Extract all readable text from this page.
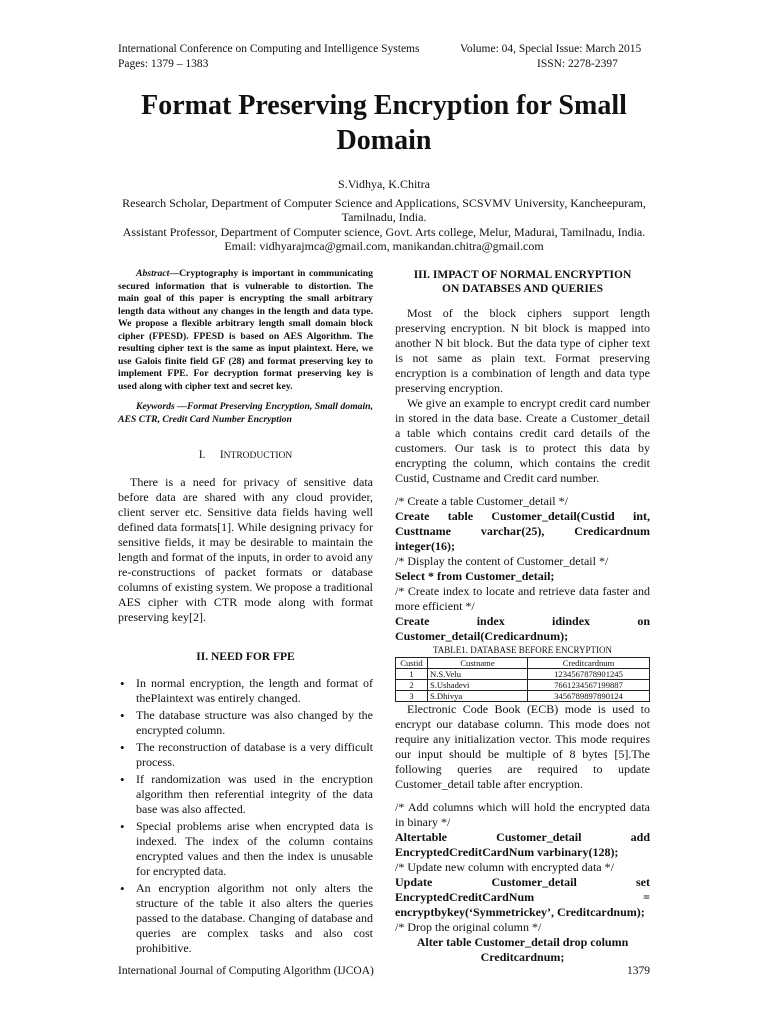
International Conference on Computing and Intelligence Systems
Pages: 1379 – 1383
Volume: 04, Special Issue: March 2015
ISSN: 2278-2397
Format Preserving Encryption for Small
Domain
S.Vidhya, K.Chitra
Research Scholar, Department of Computer Science and Applications, SCSVMV University, Kancheepuram,
Tamilnadu, India.
Assistant Professor, Department of Computer science, Govt. Arts college, Melur, Madurai, Tamilnadu, India.
Email: vidhyarajmca@gmail.com, manikandan.chitra@gmail.com

Abstract—Cryptography is important in communicating secured information that is vulnerable to distortion. The main goal of this paper is encrypting the small arbitrary length data without any changes in the length and data type. We propose a flexible arbitrary length small domain block cipher (FPESD). FPESD is based on AES Algorithm. The resulting cipher text is the same as input plaintext. Here, we use Galois finite field GF (28) and format preserving key to implement FPE. For decryption format preserving key is used along with cipher text and secret key.

Keywords —Format Preserving Encryption, Small domain, AES CTR, Credit Card Number Encryption

I. INTRODUCTION

There is a need for privacy of sensitive data before data are shared with any cloud provider, client server etc. Sensitive data fields having well defined data formats[1]. While designing privacy for sensitive fields, it may be desirable to maintain the length and format of the inputs, in order to avoid any re-constructions of packet formats or database columns of existing system. We propose a traditional AES cipher with CTR mode along with format preserving key[2].

II. NEED FOR FPE
• In normal encryption, the length and format of thePlaintext was entirely changed.
• The database structure was also changed by the encrypted column.
• The reconstruction of database is a very difficult process.
• If randomization was used in the encryption algorithm then referential integrity of the data base was also affected.
• Special problems arise when encrypted data is indexed. The index of the column contains encrypted values and then the index is unusable for encrypted data.
• An encryption algorithm not only alters the structure of the table it also alters the queries passed to the database. Changing of database and queries are complex tasks and also cost prohibitive.
III. IMPACT OF NORMAL ENCRYPTION
ON DATABSES AND QUERIES

Most of the block ciphers support length preserving encryption. N bit block is mapped into another N bit block. But the data type of cipher text is not same as plain text. Format preserving encryption is a combination of length and data type preserving encryption.

We give an example to encrypt credit card number in stored in the data base. Create a Customer_detail a table which contains credit card details of the customers. Our task is to protect this data by encrypting the column, which contains the credit Custid, Custname and Credit card number.

/* Create a table Customer_detail */

Create table Customer_detail(Custid int, Custtname varchar(25), Credicardnum integer(16);

/* Display the content of Customer_detail */

Select * from Customer_detail;

/* Create index to locate and retrieve data faster and more efficient */

Create index idindex on Customer_detail(Credicardnum);

TABLE1. DATABASE BEFORE ENCRYPTION
Custid	Custname	Creditcardnum
1	N.S.Velu	1234567878901245
2	S.Ushadevi	7661234567199887
3	S.Dhivya	3456789897890124

Electronic Code Book (ECB) mode is used to encrypt our database column. This mode does not require any initialization vector. This mode requires our input should be multiple of 8 bytes [5].The following queries are required to update Customer_detail table after encryption.

/* Add columns which will hold the encrypted data in binary */

Altertable Customer_detail add EncryptedCreditCardNum varbinary(128);

/* Update new column with encrypted data */

Update Customer_detail set EncryptedCreditCardNum = encryptbykey(‘Symmetrickey’, Creditcardnum);

/* Drop the original column */

Alter table Customer_detail drop column

Creditcardnum;

International Journal of Computing Algorithm (IJCOA)	1379
